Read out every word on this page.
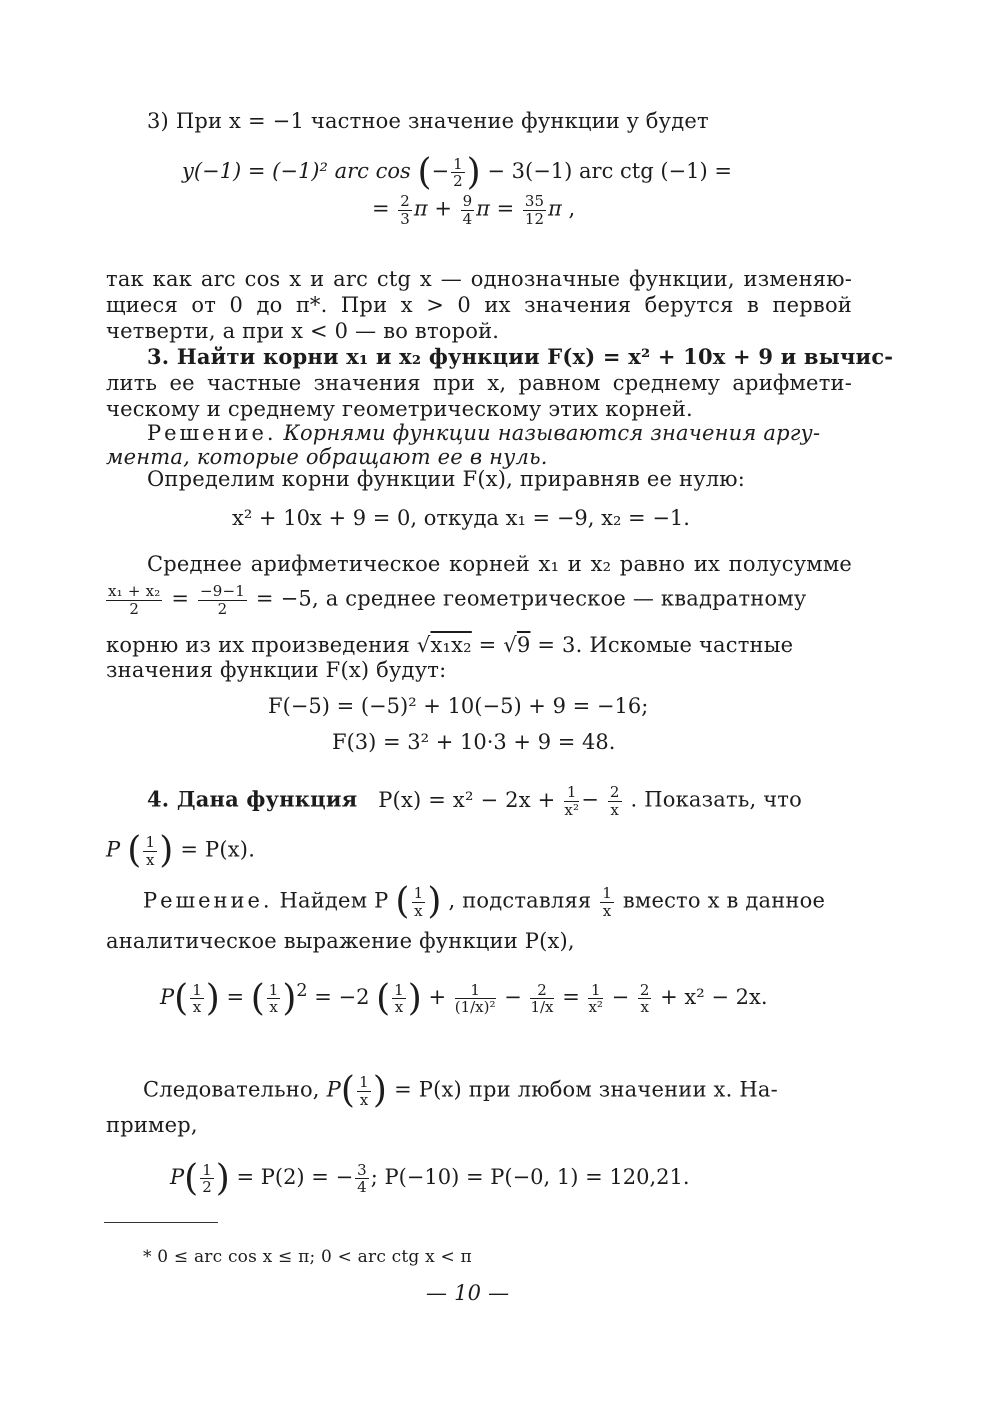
3) При x = −1 частное значение функции y будет
y(−1) = (−1)² arc cos (− $\frac{1}{2}$ ) − 3(−1) arc ctg (−1) =
= $\frac{2}{3}$ $\pi + \frac{9}{4}$ $\pi = \frac{35}{12}$ π ,
так как arc cos x и arc ctg x — однозначные функции, изменяю-
щиеся от 0 до π*. При x > 0 их значения берутся в первой
четверти, а при x < 0 — во второй.
3. Найти корни x₁ и x₂ функции F(x) = x² + 10x + 9 и вычис-
лить ее частные значения при x, равном среднему арифмети-
ческому и среднему геометрическому этих корней.
Решение. Корнями функции называются значения аргу-
мента, которые обращают ее в нуль.
Определим корни функции F(x), приравняв ее нулю:
x² + 10x + 9 = 0, откуда x₁ = −9, x₂ = −1.
Среднее арифметическое корней x₁ и x₂ равно их полусумме
$\frac{\text{x₁ + x₂}}{2} = \frac{-9-1}{2} = -5$, а среднее геометрическое — квадратному
корню из их произведения √x₁x₂ = √9 = 3. Искомые частные
значения функции F(x) будут:
F(−5) = (−5)² + 10(−5) + 9 = −16;
F(3) = 3² + 10·3 + 9 = 48.
4. Дана функция $P(x) = x^2 - 2x + \frac{1}{\text{x²}} - \frac{2}{x}$ . Показать, что
P ( $\frac{1}{x}$ ) = P(x).
Решение. Найдем P ( $\frac{1}{x}$ ) , подставляя $\frac{1}{x}$ вместо x в данное
аналитическое выражение функции P(x),
$P( \frac{1}{x}$ ) = ( $\frac{1}{x} )^2 = -2$ ( $\frac{1}{x}$ ) + $\frac{1}{\text{(1/x)²}} - \frac{2}{1/x} = \frac{1}{\text{x²}} - \frac{2}{x} + x^2 - 2x$.
Следовательно, $P( \frac{1}{x}$ ) = P(x) при любом значении x. На-
пример,
$P( \frac{1}{2}$ ) = P(2) = − $\frac{3}{4}$ ; P(−10) = P(−0, 1) = 120,21.
* 0 ≤ arc cos x ≤ π; 0 < arc ctg x < π
— 10 —
